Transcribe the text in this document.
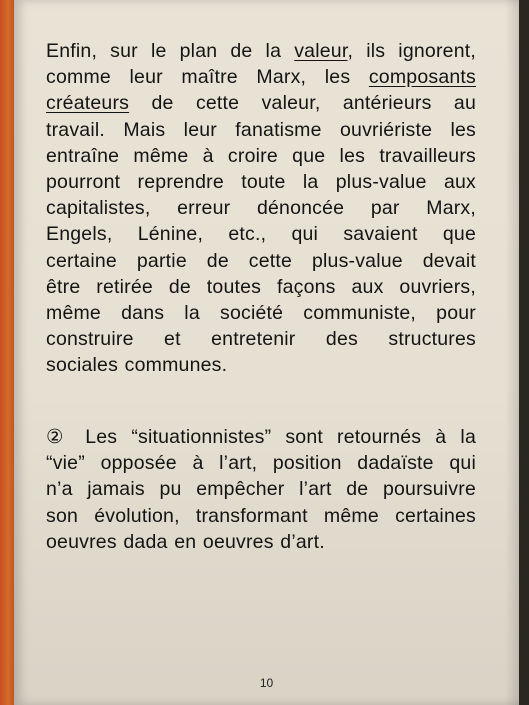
Enfin, sur le plan de la valeur, ils ignorent,
comme leur maître Marx, les composants
créateurs de cette valeur, antérieurs au
travail. Mais leur fanatisme ouvriériste les
entraîne même à croire que les travailleurs
pourront reprendre toute la plus-value aux
capitalistes, erreur dénoncée par Marx,
Engels, Lénine, etc., qui savaient que
certaine partie de cette plus-value devait
être retirée de toutes façons aux ouvriers,
même dans la société communiste, pour
construire et entretenir des structures
sociales communes.

② Les “situationnistes” sont retournés à la
“vie” opposée à l’art, position dadaïste qui
n’a jamais pu empêcher l’art de poursuivre
son évolution, transformant même certaines
oeuvres dada en oeuvres d’art.

10
